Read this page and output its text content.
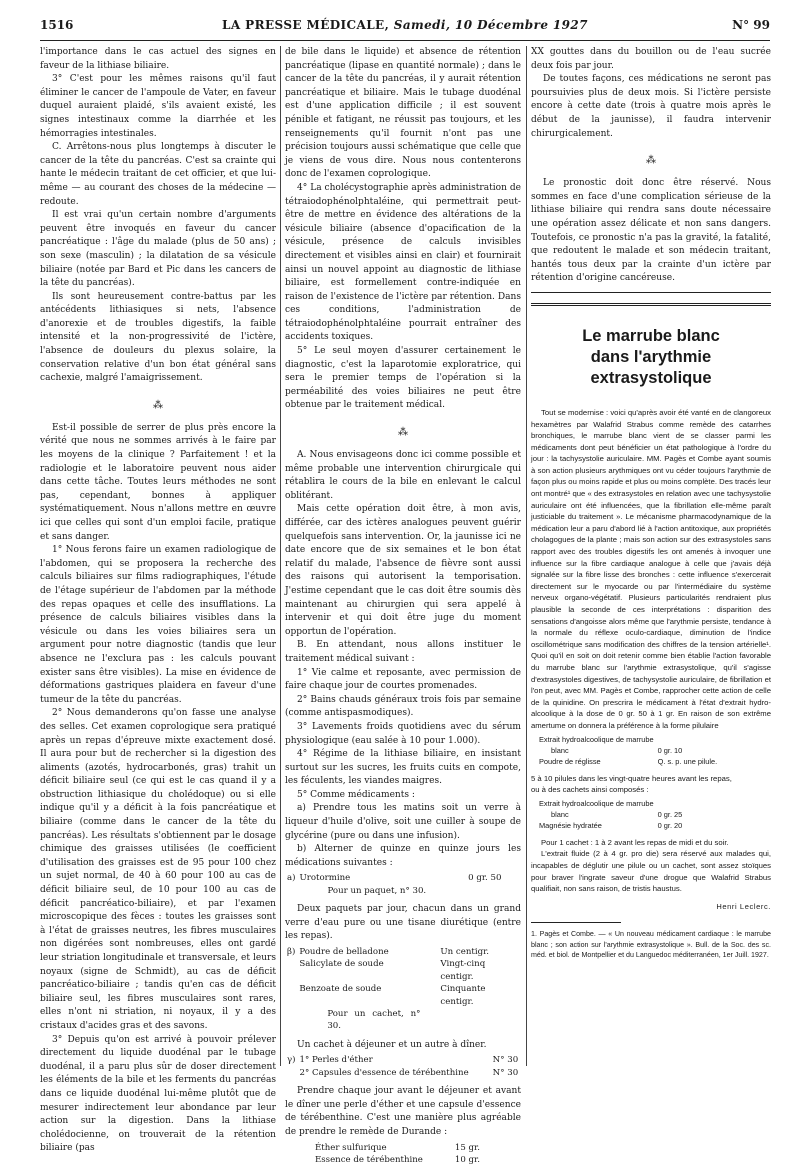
1516	LA PRESSE MÉDICALE, Samedi, 10 Décembre 1927	N° 99

l'importance dans le cas actuel des signes en faveur de la lithiase biliaire.

3° C'est pour les mêmes raisons qu'il faut éliminer le cancer de l'ampoule de Vater, en faveur duquel auraient plaidé, s'ils avaient existé, les signes intestinaux comme la diarrhée et les hémorragies intestinales.

C. Arrêtons-nous plus longtemps à discuter le cancer de la tête du pancréas. C'est sa crainte qui hante le médecin traitant de cet officier, et que lui-même — au courant des choses de la médecine — redoute.

Il est vrai qu'un certain nombre d'arguments peuvent être invoqués en faveur du cancer pancréatique : l'âge du malade (plus de 50 ans) ; son sexe (masculin) ; la dilatation de sa vésicule biliaire (notée par Bard et Pic dans les cancers de la tête du pancréas).

Ils sont heureusement contre-battus par les antécédents lithiasiques si nets, l'absence d'anorexie et de troubles digestifs, la faible intensité et la non-progressivité de l'ictère, l'absence de douleurs du plexus solaire, la conservation relative d'un bon état général sans cachexie, malgré l'amaigrissement.

⁂

Est-il possible de serrer de plus près encore la vérité que nous ne sommes arrivés à le faire par les moyens de la clinique ? Parfaitement ! et la radiologie et le laboratoire peuvent nous aider dans cette tâche. Toutes leurs méthodes ne sont pas, cependant, bonnes à appliquer systématiquement. Nous n'allons mettre en œuvre ici que celles qui sont d'un emploi facile, pratique et sans danger.

1° Nous ferons faire un examen radiologique de l'abdomen, qui se proposera la recherche des calculs biliaires sur films radiographiques, l'étude de l'étage supérieur de l'abdomen par la méthode des repas opaques et celle des insufflations. La présence de calculs biliaires visibles dans la vésicule ou dans les voies biliaires sera un argument pour notre diagnostic (tandis que leur absence ne l'exclura pas : les calculs pouvant exister sans être visibles). La mise en évidence de déformations gastriques plaidera en faveur d'une tumeur de la tête du pancréas.

2° Nous demanderons qu'on fasse une analyse des selles. Cet examen coprologique sera pratiqué après un repas d'épreuve mixte exactement dosé. Il aura pour but de rechercher si la digestion des aliments (azotés, hydrocarbonés, gras) trahit un déficit biliaire seul (ce qui est le cas quand il y a obstruction lithiasique du cholédoque) ou si elle indique qu'il y a déficit à la fois pancréatique et biliaire (comme dans le cancer de la tête du pancréas). Les résultats s'obtiennent par le dosage chimique des graisses utilisées (le coefficient d'utilisation des graisses est de 95 pour 100 chez un sujet normal, de 40 à 60 pour 100 au cas de déficit biliaire seul, de 10 pour 100 au cas de déficit pancréatico-biliaire), et par l'examen microscopique des fèces : toutes les graisses sont à l'état de graisses neutres, les fibres musculaires non digérées sont nombreuses, elles ont gardé leur striation longitudinale et transversale, et leurs noyaux (signe de Schmidt), au cas de déficit pancréatico-biliaire ; tandis qu'en cas de déficit biliaire seul, les fibres musculaires sont rares, elles n'ont ni striation, ni noyaux, il y a des cristaux d'acides gras et des savons.

3° Depuis qu'on est arrivé à pouvoir prélever directement du liquide duodénal par le tubage duodénal, il a paru plus sûr de doser directement les éléments de la bile et les ferments du pancréas dans ce liquide duodénal lui-même plutôt que de mesurer indirectement leur abondance par leur action sur la digestion. Dans la lithiase cholédocienne, on trouverait de la rétention biliaire (pas

de bile dans le liquide) et absence de rétention pancréatique (lipase en quantité normale) ; dans le cancer de la tête du pancréas, il y aurait rétention pancréatique et biliaire. Mais le tubage duodénal est d'une application difficile ; il est souvent pénible et fatigant, ne réussit pas toujours, et les renseignements qu'il fournit n'ont pas une précision toujours aussi schématique que celle que je viens de vous dire. Nous nous contenterons donc de l'examen coprologique.

4° La cholécystographie après administration de tétraiodophénolphtaléine, qui permettrait peut-être de mettre en évidence des altérations de la vésicule biliaire (absence d'opacification de la vésicule, présence de calculs invisibles directement et visibles ainsi en clair) et fournirait ainsi un nouvel appoint au diagnostic de lithiase biliaire, est formellement contre-indiquée en raison de l'existence de l'ictère par rétention. Dans ces conditions, l'administration de tétraiodophénolphtaléine pourrait entraîner des accidents toxiques.

5° Le seul moyen d'assurer certainement le diagnostic, c'est la laparotomie exploratrice, qui sera le premier temps de l'opération si la perméabilité des voies biliaires ne peut être obtenue par le traitement médical.

⁂

A. Nous envisageons donc ici comme possible et même probable une intervention chirurgicale qui rétablira le cours de la bile en enlevant le calcul oblitérant.

Mais cette opération doit être, à mon avis, différée, car des ictères analogues peuvent guérir quelquefois sans intervention. Or, la jaunisse ici ne date encore que de six semaines et le bon état relatif du malade, l'absence de fièvre sont aussi des raisons qui autorisent la temporisation. J'estime cependant que le cas doit être soumis dès maintenant au chirurgien qui sera appelé à intervenir et qui doit être juge du moment opportun de l'opération.

B. En attendant, nous allons instituer le traitement médical suivant :

1° Vie calme et reposante, avec permission de faire chaque jour de courtes promenades.

2° Bains chauds généraux trois fois par semaine (comme antispasmodiques).

3° Lavements froids quotidiens avec du sérum physiologique (eau salée à 10 pour 1.000).

4° Régime de la lithiase biliaire, en insistant surtout sur les sucres, les fruits cuits en compote, les féculents, les viandes maigres.

5° Comme médicaments :

a) Prendre tous les matins soit un verre à liqueur d'huile d'olive, soit une cuiller à soupe de glycérine (pure ou dans une infusion).

b) Alterner de quinze en quinze jours les médications suivantes :

a)	Urotormine	0 gr. 50
	Pour un paquet, n° 30.	

Deux paquets par jour, chacun dans un grand verre d'eau pure ou une tisane diurétique (entre les repas).

β)	Poudre de belladone	Un centigr.
	Salicylate de soude	Vingt-cinq centigr.
	Benzoate de soude	Cinquante centigr.
	Pour un cachet, n° 30.	

Un cachet à déjeuner et un autre à dîner.

γ)	1° Perles d'éther	N° 30
	2° Capsules d'essence de térébenthine	N° 30

Prendre chaque jour avant le déjeuner et avant le dîner une perle d'éther et une capsule d'essence de térébenthine. C'est une manière plus agréable de prendre le remède de Durande :

Éther sulfurique	15 gr.
Essence de térébenthine	10 gr.

XX gouttes dans du bouillon ou de l'eau sucrée deux fois par jour.

De toutes façons, ces médications ne seront pas poursuivies plus de deux mois. Si l'ictère persiste encore à cette date (trois à quatre mois après le début de la jaunisse), il faudra intervenir chirurgicalement.

⁂

Le pronostic doit donc être réservé. Nous sommes en face d'une complication sérieuse de la lithiase biliaire qui rendra sans doute nécessaire une opération assez délicate et non sans dangers. Toutefois, ce pronostic n'a pas la gravité, la fatalité, que redoutent le malade et son médecin traitant, hantés tous deux par la crainte d'un ictère par rétention d'origine cancéreuse.

Le marrube blanc
dans l'arythmie extrasystolique

Tout se modernise : voici qu'après avoir été vanté en de clangoreux hexamètres par Walafrid Strabus comme remède des catarrhes bronchiques, le marrube blanc vient de se classer parmi les médicaments dont peut bénéficier un état pathologique à l'ordre du jour : la tachysystolie auriculaire. MM. Pagès et Combe ayant soumis à son action plusieurs arythmiques ont vu céder toujours l'arythmie de façon plus ou moins rapide et plus ou moins complète. Des tracés leur ont montré¹ que « des extrasystoles en relation avec une tachysystolie auriculaire ont été influencées, que la fibrillation elle-même paraît justiciable du traitement ». Le mécanisme pharmacodynamique de la médication leur a paru d'abord lié à l'action antitoxique, aux propriétés cholagogues de la plante ; mais son action sur des extrasystoles sans rapport avec des troubles digestifs les ont amenés à invoquer une influence sur la fibre cardiaque analogue à celle que j'avais déjà signalée sur la fibre lisse des bronches : cette influence s'exercerait directement sur le myocarde ou par l'intermédiaire du système nerveux organo-végétatif. Plusieurs particularités rendraient plus plausible la seconde de ces interprétations : disparition des sensations d'angoisse alors même que l'arythmie persiste, tendance à la normale du réflexe oculo-cardiaque, diminution de l'indice oscillométrique sans modification des chiffres de la tension artérielle¹. Quoi qu'il en soit on doit retenir comme bien établie l'action favorable du marrube blanc sur l'arythmie extrasystolique, qu'il s'agisse d'extrasystoles digestives, de tachysystolie auriculaire, de fibrillation et l'on peut, avec MM. Pagès et Combe, rapprocher cette action de celle de la quinidine. On prescrira le médicament à l'état d'extrait hydro-alcoolique à la dose de 0 gr. 50 à 1 gr. En raison de son extrême amertume on donnera la préférence à la forme pilulaire

Extrait hydroalcoolique de marrube	
blanc	0 gr. 10
Poudre de réglisse	Q. s. p. une pilule.

5 à 10 pilules dans les vingt-quatre heures avant les repas,

ou à des cachets ainsi composés :

Extrait hydroalcoolique de marrube	
blanc	0 gr. 25
Magnésie hydratée	0 gr. 20

Pour 1 cachet : 1 à 2 avant les repas de midi et du soir.

L'extrait fluide (2 à 4 gr. pro die) sera réservé aux malades qui, incapables de déglutir une pilule ou un cachet, sont assez stoïques pour braver l'ingrate saveur d'une drogue que Walafrid Strabus qualifiait, non sans raison, de tristis haustus.

Henri Leclerc.
1. Pagès et Combe. — « Un nouveau médicament cardiaque : le marrube blanc ; son action sur l'arythmie extrasystolique ». Bull. de la Soc. des sc. méd. et biol. de Montpellier et du Languedoc méditerranéen, 1er Juill. 1927.
